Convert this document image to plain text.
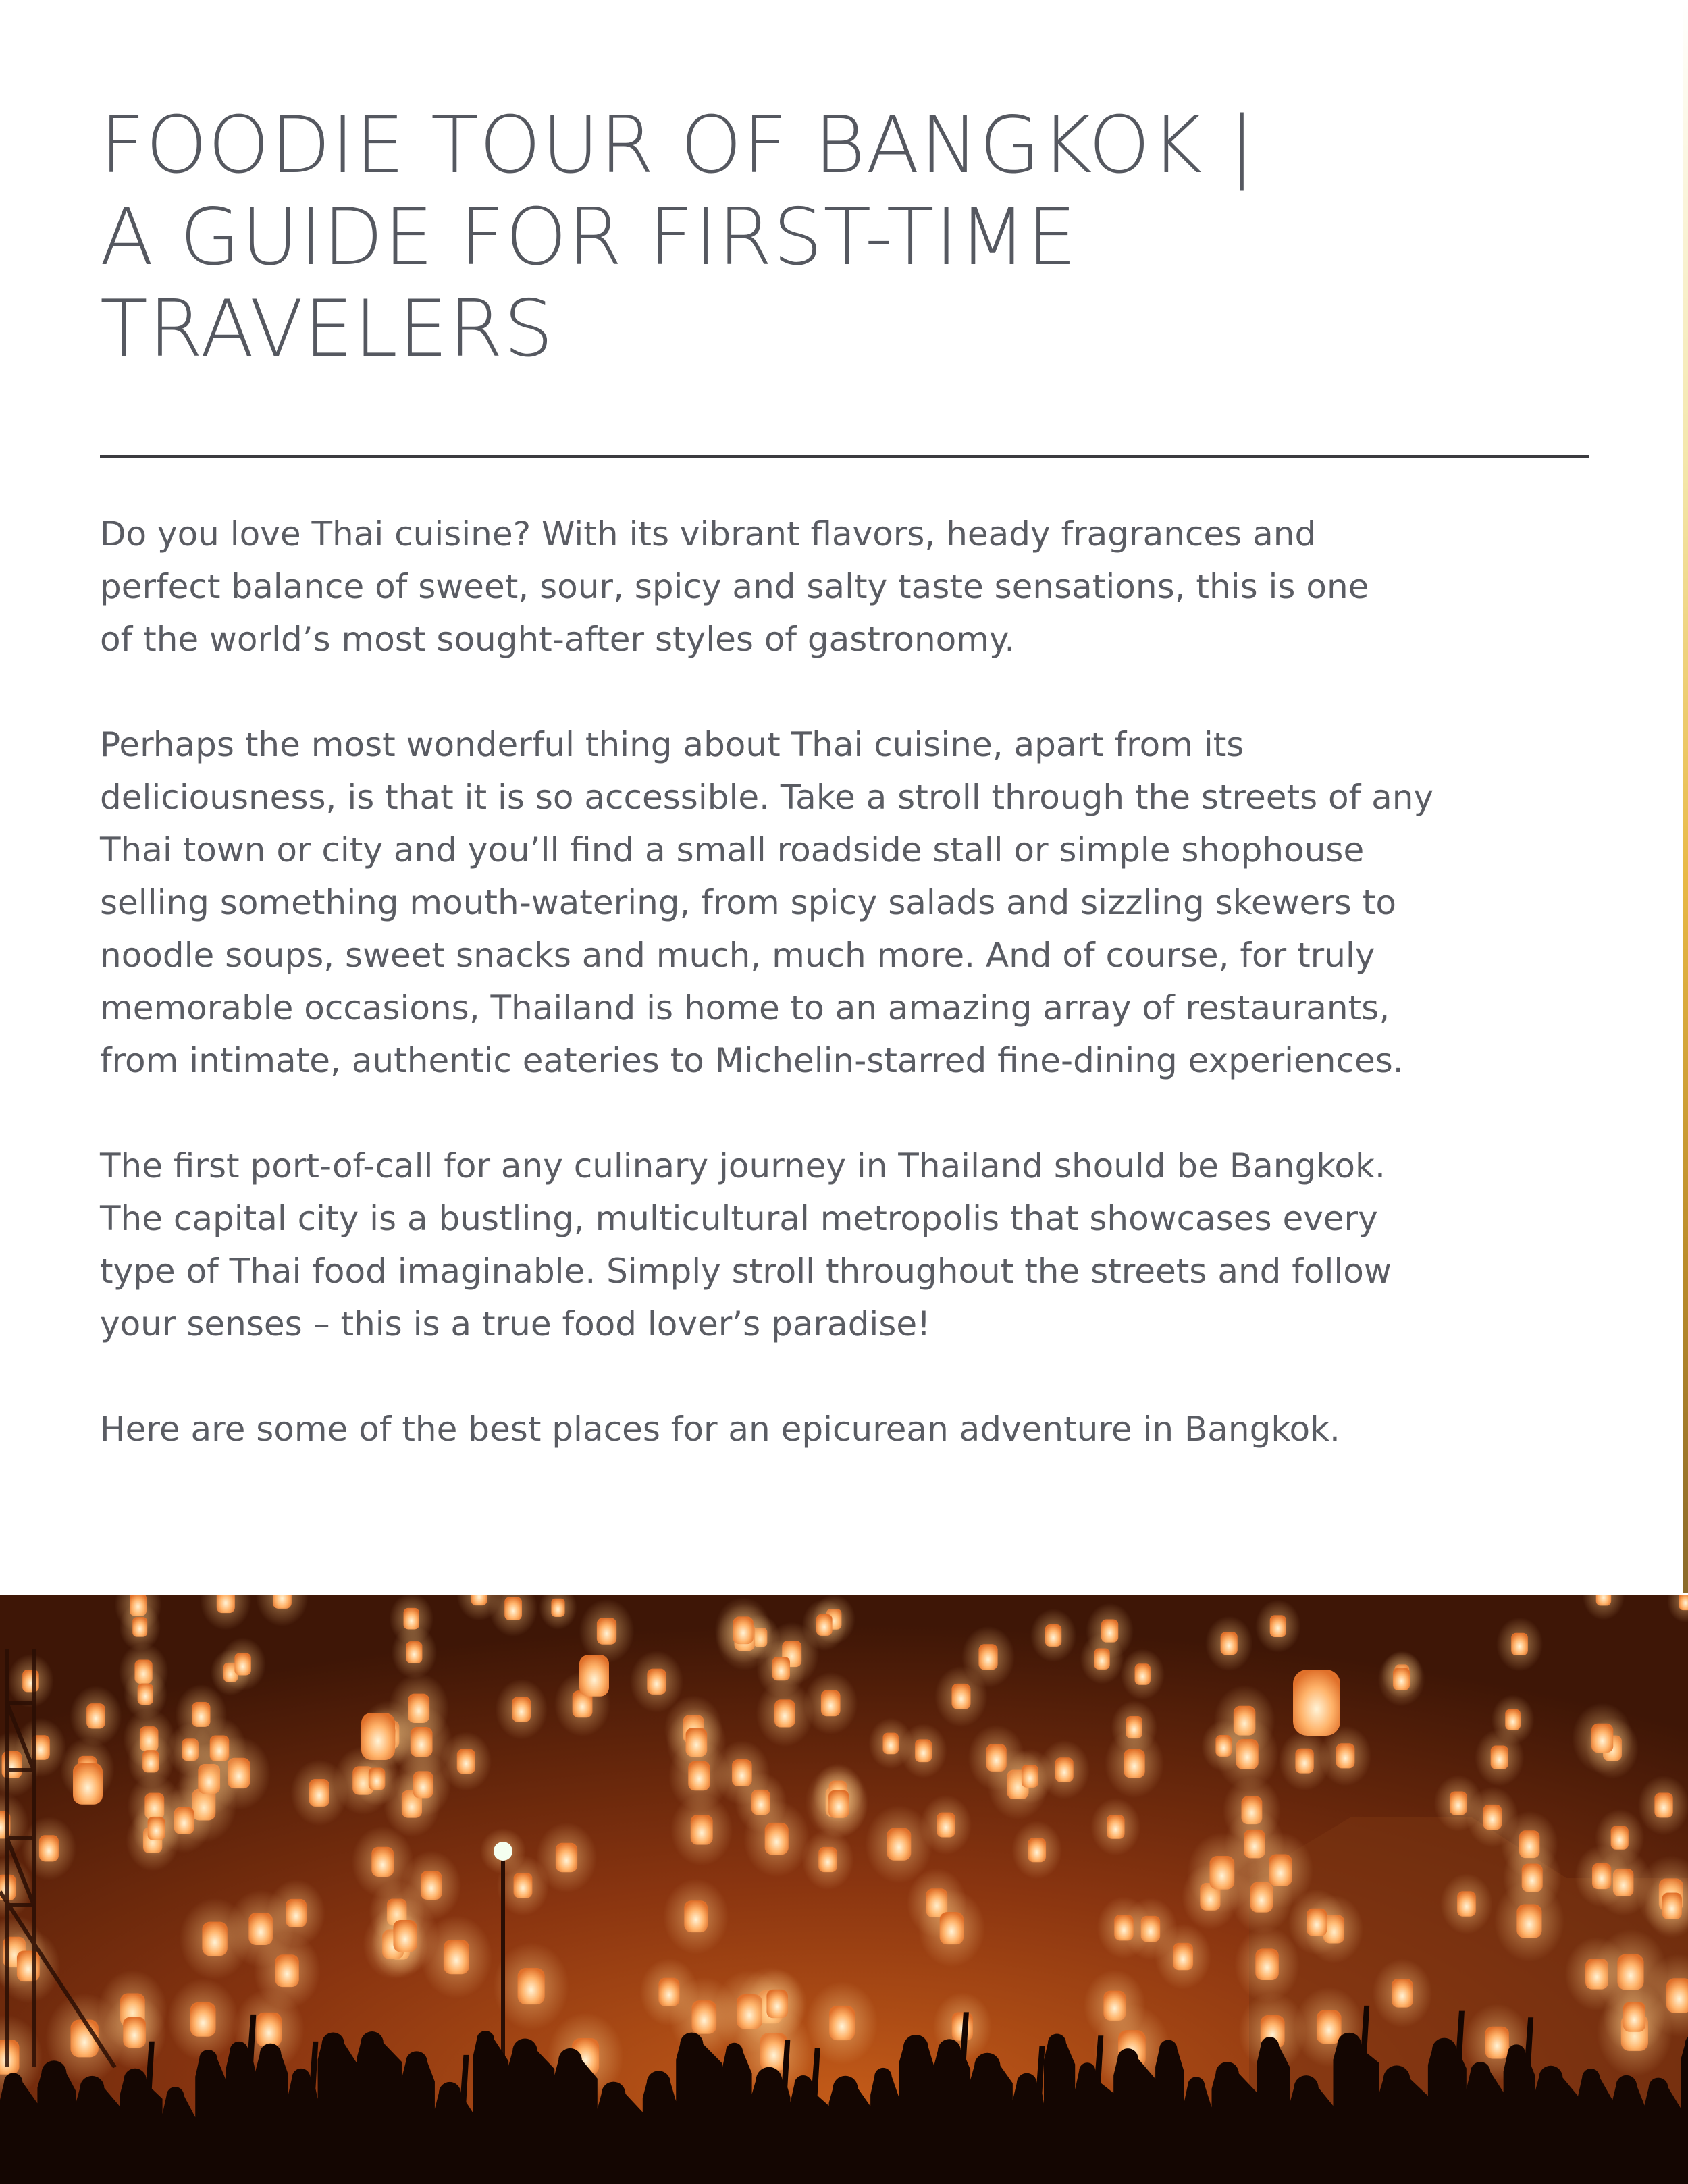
FOODIE TOUR OF BANGKOK |
A GUIDE FOR FIRST-TIME
TRAVELERS

Do you love Thai cuisine? With its vibrant flavors, heady fragrances and
perfect balance of sweet, sour, spicy and salty taste sensations, this is one
of the world’s most sought-after styles of gastronomy.

Perhaps the most wonderful thing about Thai cuisine, apart from its
deliciousness, is that it is so accessible. Take a stroll through the streets of any
Thai town or city and you’ll find a small roadside stall or simple shophouse
selling something mouth-watering, from spicy salads and sizzling skewers to
noodle soups, sweet snacks and much, much more. And of course, for truly
memorable occasions, Thailand is home to an amazing array of restaurants,
from intimate, authentic eateries to Michelin-starred fine-dining experiences.

The first port-of-call for any culinary journey in Thailand should be Bangkok.
The capital city is a bustling, multicultural metropolis that showcases every
type of Thai food imaginable. Simply stroll throughout the streets and follow
your senses – this is a true food lover’s paradise!

Here are some of the best places for an epicurean adventure in Bangkok.
